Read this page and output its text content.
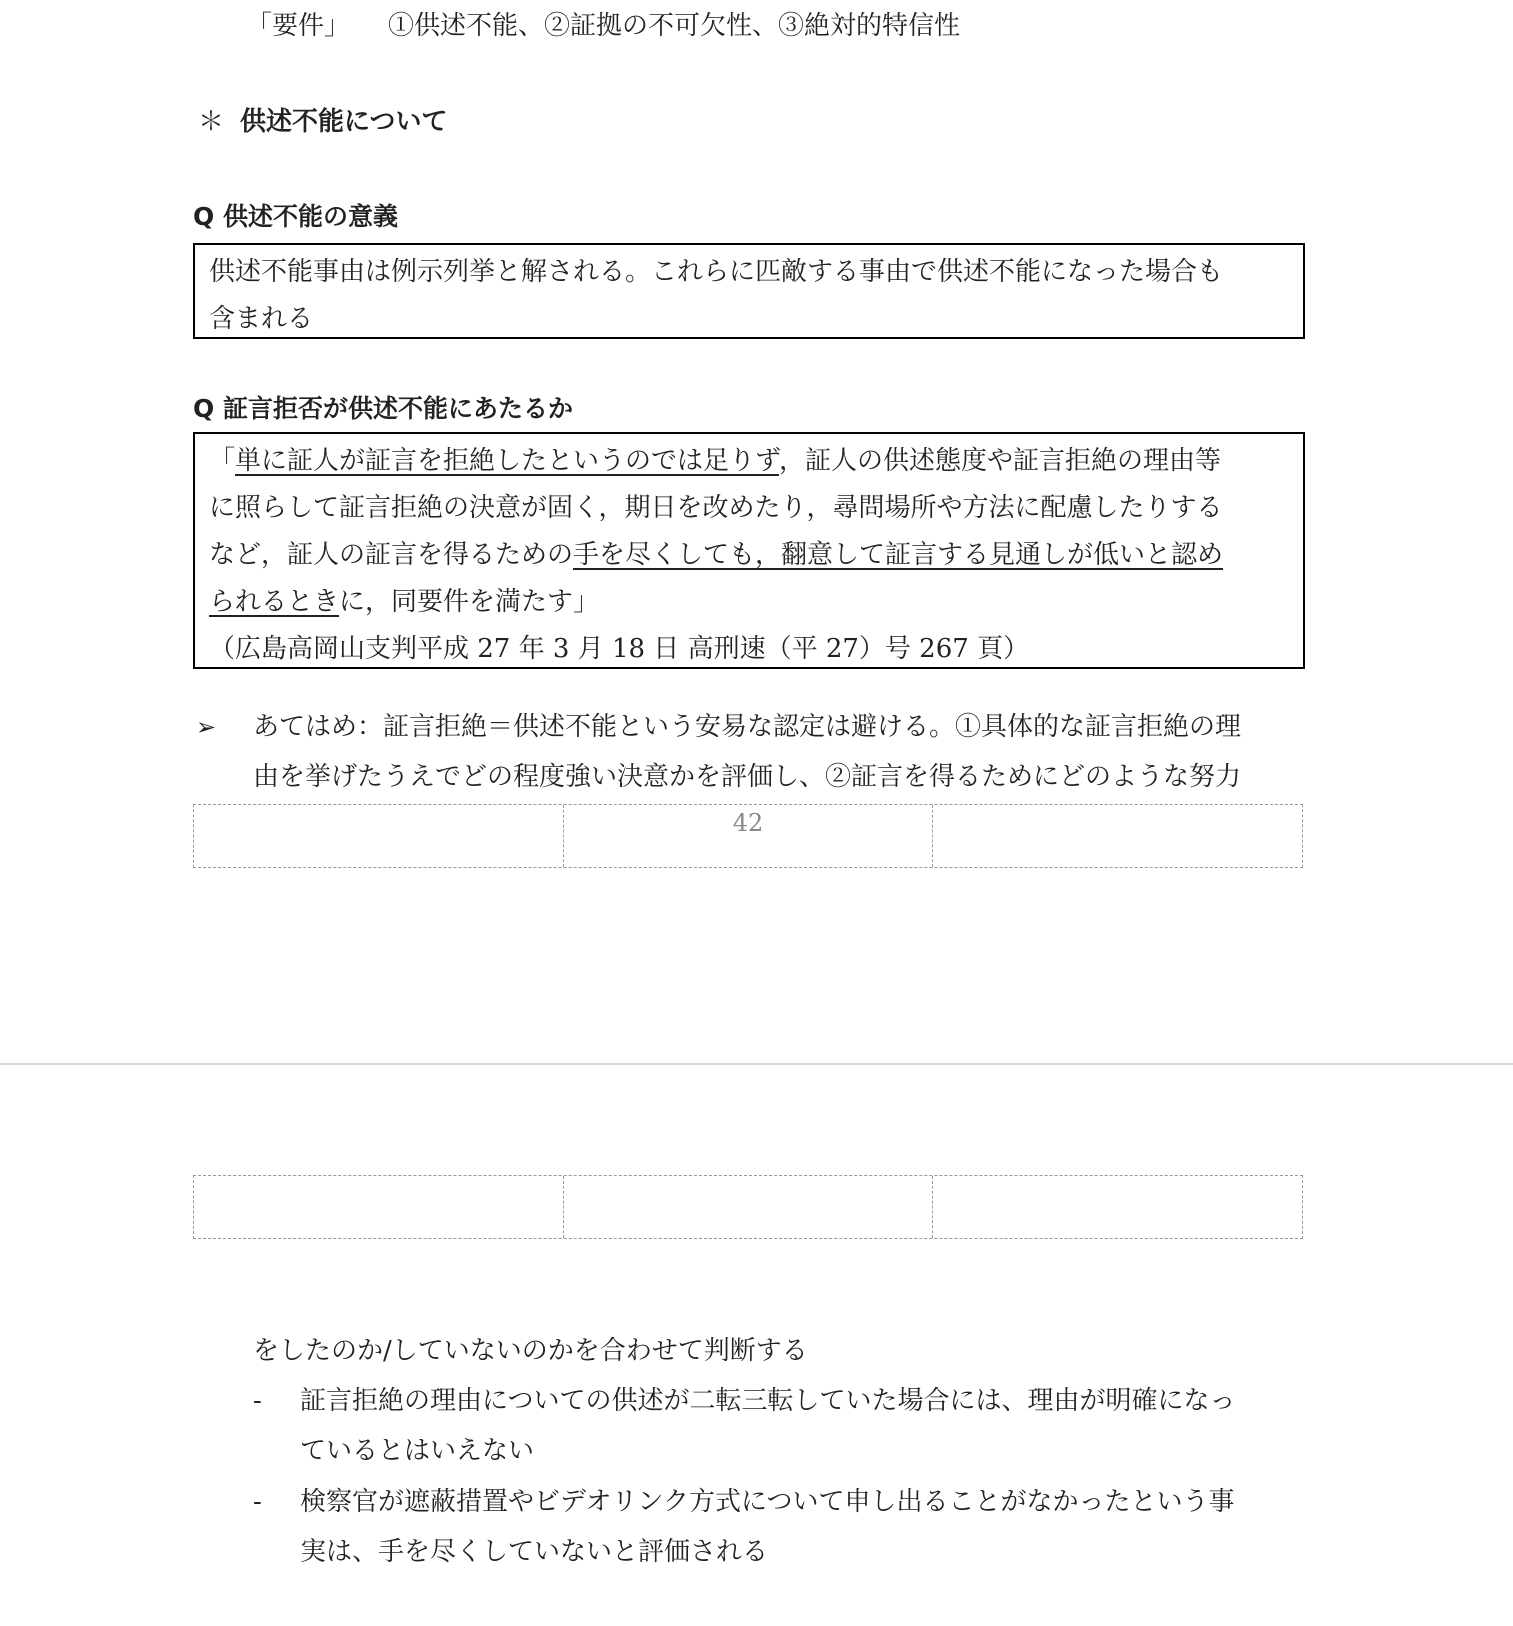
「要件」 ①供述不能、②証拠の不可欠性、③絶対的特信性
＊ 供述不能について
Q 供述不能の意義
供述不能事由は例示列挙と解される。これらに匹敵する事由で供述不能になった場合も
含まれる
Q 証言拒否が供述不能にあたるか
「単に証人が証言を拒絶したというのでは足りず，証人の供述態度や証言拒絶の理由等
に照らして証言拒絶の決意が固く，期日を改めたり，尋問場所や方法に配慮したりする
など，証人の証言を得るための手を尽くしても，翻意して証言する見通しが低いと認め
られるときに，同要件を満たす」
（広島高岡山支判平成 27 年 3 月 18 日 高刑速（平 27）号 267 頁）
➢ あてはめ：証言拒絶＝供述不能という安易な認定は避ける。①具体的な証言拒絶の理
由を挙げたうえでどの程度強い決意かを評価し、②証言を得るためにどのような努力
42
をしたのか/していないのかを合わせて判断する
- 証言拒絶の理由についての供述が二転三転していた場合には、理由が明確になっ
ているとはいえない
- 検察官が遮蔽措置やビデオリンク方式について申し出ることがなかったという事
実は、手を尽くしていないと評価される
